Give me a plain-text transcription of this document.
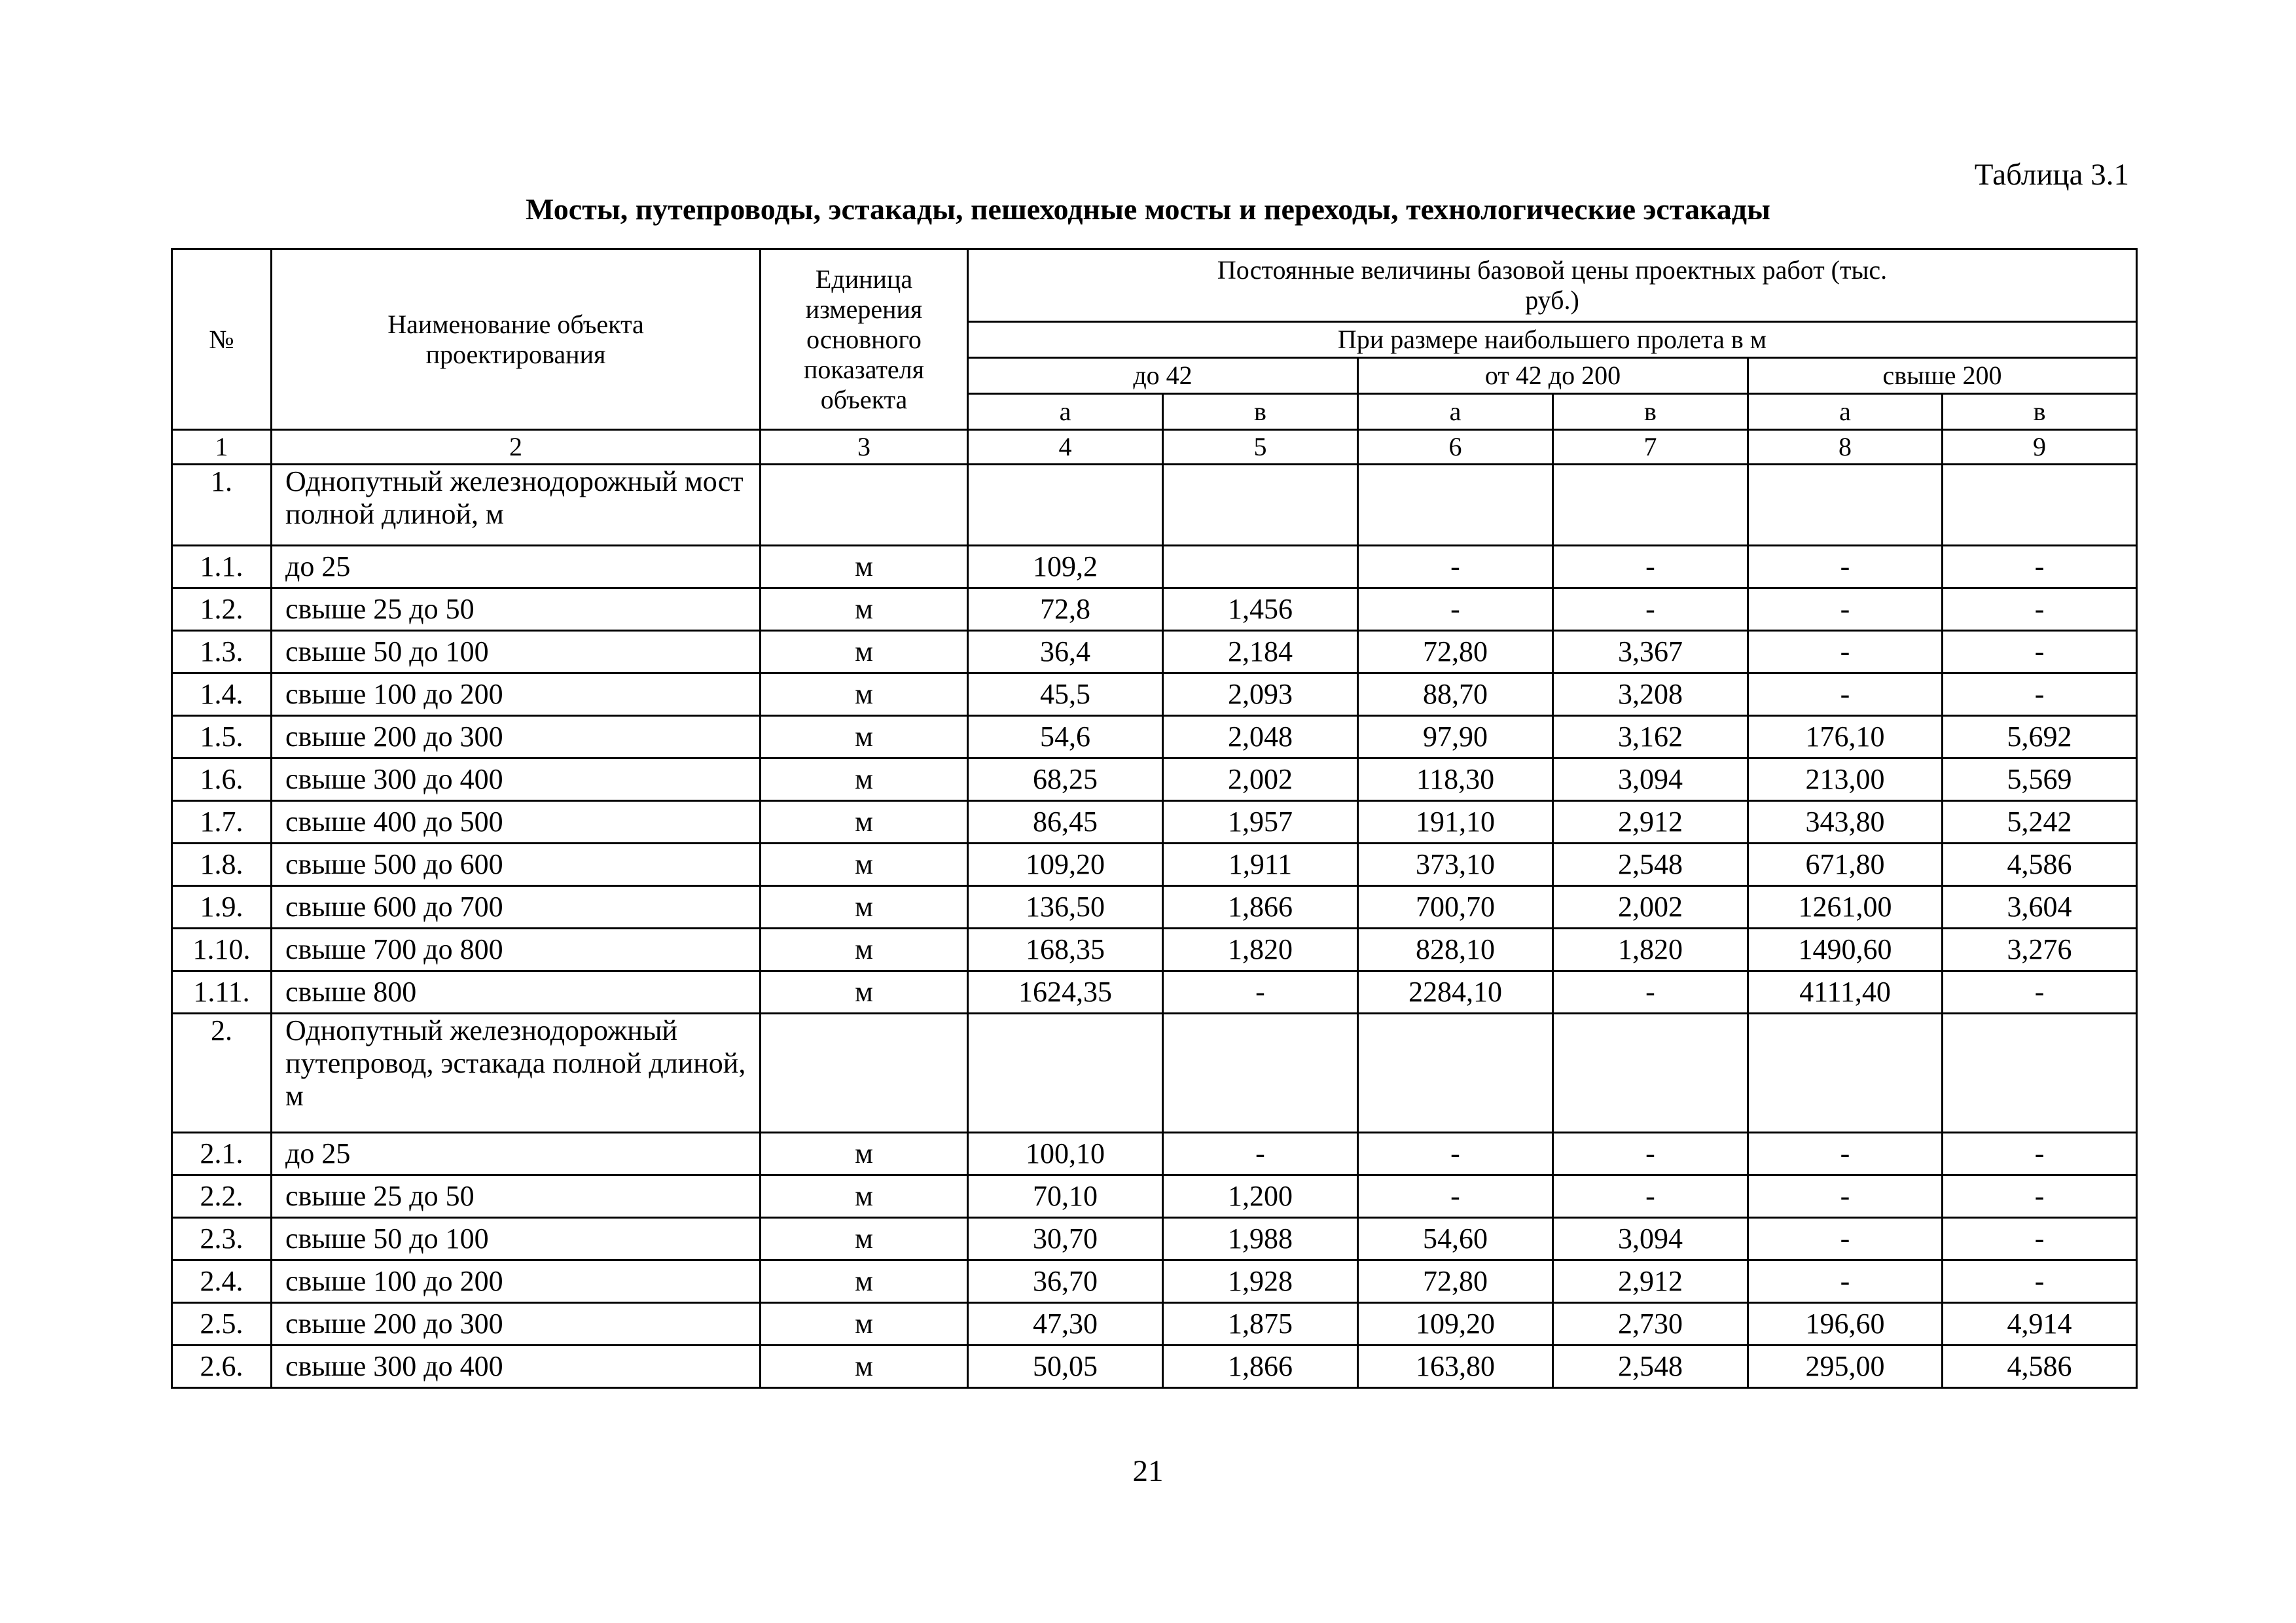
Таблица 3.1
Мосты, путепроводы, эстакады, пешеходные мосты и переходы, технологические эстакады
№	Наименование объекта проектирования	Единица измерения основного показателя объекта	Постоянные величины базовой цены проектных работ (тыс. руб.)					
			При размере наибольшего пролета в м					
			до 42		от 42 до 200		свыше 200	
			а	в	а	в	а	в
1	2	3	4	5	6	7	8	9
1.	Однопутный железнодорожный мост полной длиной, м							
1.1.	до 25	м	109,2		-	-	-	-
1.2.	свыше 25 до 50	м	72,8	1,456	-	-	-	-
1.3.	свыше 50 до 100	м	36,4	2,184	72,80	3,367	-	-
1.4.	свыше 100 до 200	м	45,5	2,093	88,70	3,208	-	-
1.5.	свыше 200 до 300	м	54,6	2,048	97,90	3,162	176,10	5,692
1.6.	свыше 300 до 400	м	68,25	2,002	118,30	3,094	213,00	5,569
1.7.	свыше 400 до 500	м	86,45	1,957	191,10	2,912	343,80	5,242
1.8.	свыше 500 до 600	м	109,20	1,911	373,10	2,548	671,80	4,586
1.9.	свыше 600 до 700	м	136,50	1,866	700,70	2,002	1261,00	3,604
1.10.	свыше 700 до 800	м	168,35	1,820	828,10	1,820	1490,60	3,276
1.11.	свыше 800	м	1624,35	-	2284,10	-	4111,40	-
2.	Однопутный железнодорожный путепровод, эстакада полной длиной, м							
2.1.	до 25	м	100,10	-	-	-	-	-
2.2.	свыше 25 до 50	м	70,10	1,200	-	-	-	-
2.3.	свыше 50 до 100	м	30,70	1,988	54,60	3,094	-	-
2.4.	свыше 100 до 200	м	36,70	1,928	72,80	2,912	-	-
2.5.	свыше 200 до 300	м	47,30	1,875	109,20	2,730	196,60	4,914
2.6.	свыше 300 до 400	м	50,05	1,866	163,80	2,548	295,00	4,586
21
